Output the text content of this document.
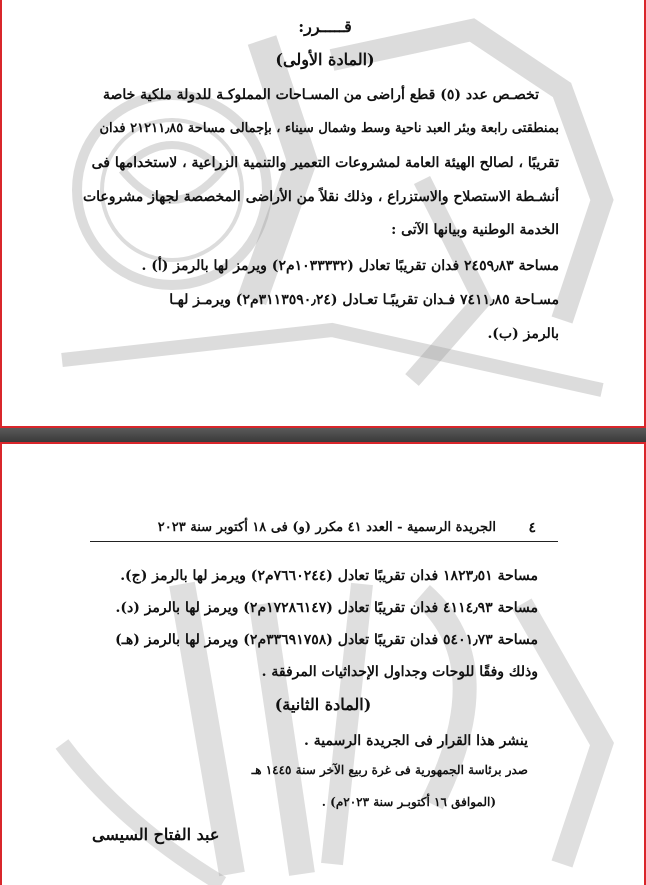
قـــــرر:
(المادة الأولى)
تخصـص عدد (٥) قطع أراضى من المسـاحات المملوكـة للدولة ملكية خاصة
بمنطقتى رابعة وبئر العبد ناحية وسط وشمال سيناء ، بإجمالى مساحة ٢١٢١١٫٨٥ فدان
تقريبًا ، لصالح الهيئة العامة لمشروعات التعمير والتنمية الزراعية ، لاستخدامها فى
أنشـطة الاستصلاح والاستزراع ، وذلك نقلاً من الأراضى المخصصة لجهاز مشروعات
الخدمة الوطنية وبيانها الآتى :
مساحة ٢٤٥٩٫٨٣ فدان تقريبًا تعادل (١٠٣٣٣٣٢م٢) ويرمز لها بالرمز (أ) .
مسـاحة ٧٤١١٫٨٥ فـدان تقريبًـا تعـادل (٣١١٣٥٩٠٫٢٤م٢) ويرمـز لهـا
بالرمز (ب).
٤
الجريدة الرسمية - العدد ٤١ مكرر (و) فى ١٨ أكتوبر سنة ٢٠٢٣
مساحة ١٨٢٣٫٥١ فدان تقريبًا تعادل (٧٦٦٠٢٤٤م٢) ويرمز لها بالرمز (ج).
مساحة ٤١١٤٫٩٣ فدان تقريبًا تعادل (١٧٢٨٦١٤٧م٢) ويرمز لها بالرمز (د).
مساحة ٥٤٠١٫٧٣ فدان تقريبًا تعادل (٣٣٦٩١٧٥٨م٢) ويرمز لها بالرمز (هـ)
وذلك وفقًا للوحات وجداول الإحداثيات المرفقة .
(المادة الثانية)
ينشر هذا القرار فى الجريدة الرسمية .
صدر برئاسة الجمهورية فى غرة ربيع الآخر سنة ١٤٤٥ هـ
(الموافق ١٦ أكتوبـر سنة ٢٠٢٣م) .
عبد الفتاح السيسى
